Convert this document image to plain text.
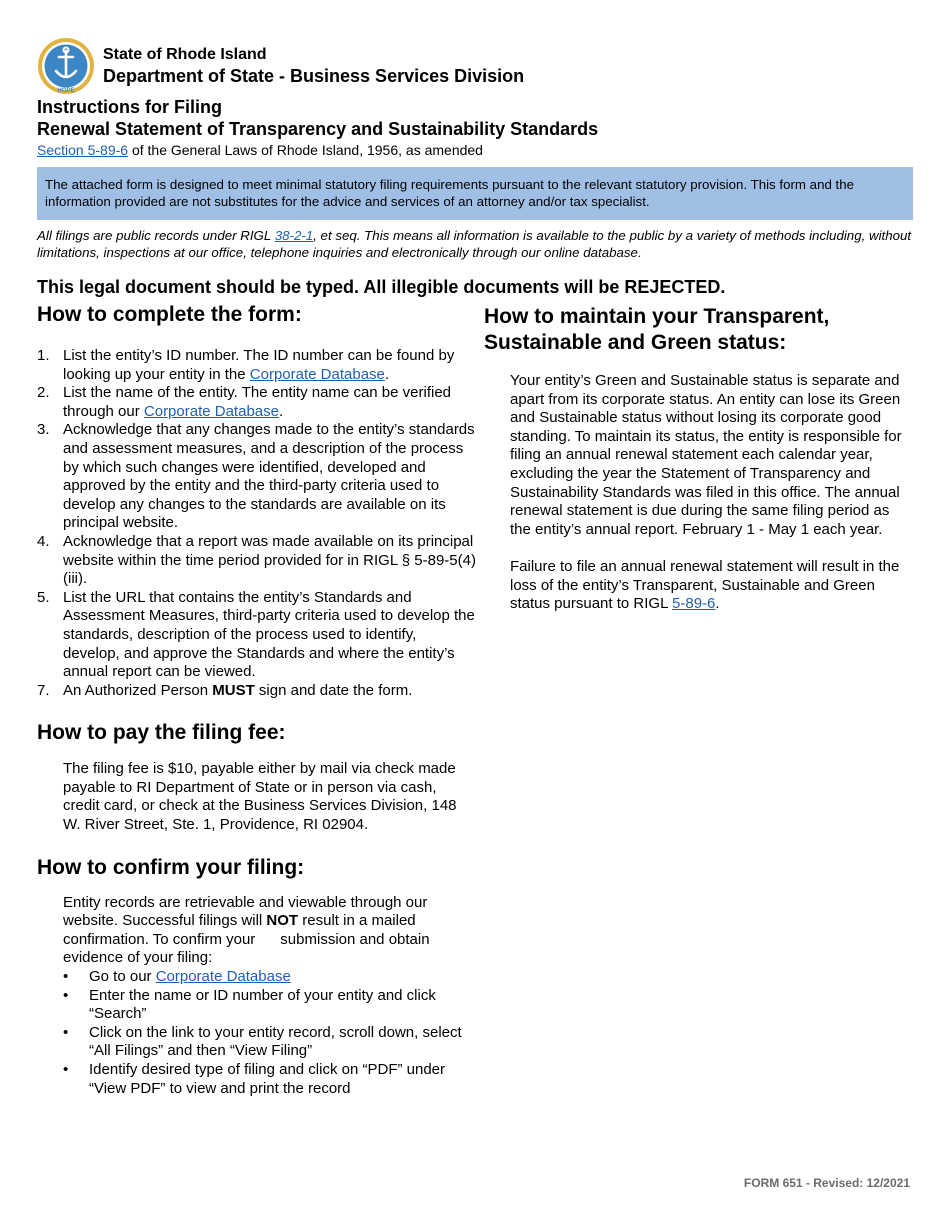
HOPE
State of Rhode Island
Department of State - Business Services Division
Instructions for Filing
Renewal Statement of Transparency and Sustainability Standards
Section 5-89-6 of the General Laws of Rhode Island, 1956, as amended
The attached form is designed to meet minimal statutory filing requirements pursuant to the relevant statutory provision. This form and the information provided are not substitutes for the advice and services of an attorney and/or tax specialist.
All filings are public records under RIGL 38-2-1, et seq. This means all information is available to the public by a variety of methods including, without limitations, inspections at our office, telephone inquiries and electronically through our online database.
This legal document should be typed. All illegible documents will be REJECTED.
How to complete the form:
1. List the entity’s ID number. The ID number can be found by looking up your entity in the Corporate Database.
2. List the name of the entity. The entity name can be verified through our Corporate Database.
3. Acknowledge that any changes made to the entity’s standards and assessment measures, and a description of the process by which such changes were identified, developed and approved by the entity and the third-party criteria used to develop any changes to the standards are available on its principal website.
4. Acknowledge that a report was made available on its principal website within the time period provided for in RIGL § 5-89-5(4)(iii).
5. List the URL that contains the entity’s Standards and Assessment Measures, third-party criteria used to develop the standards, description of the process used to identify, develop, and approve the Standards and where the entity’s annual report can be viewed.
7. An Authorized Person MUST sign and date the form.
How to pay the filing fee:
The filing fee is $10, payable either by mail via check made payable to RI Department of State or in person via cash, credit card, or check at the Business Services Division, 148 W. River Street, Ste. 1, Providence, RI 02904.
How to confirm your filing:
Entity records are retrievable and viewable through our website. Successful filings will NOT result in a mailed confirmation. To confirm your      submission and obtain evidence of your filing:
•	Go to our Corporate Database
•	Enter the name or ID number of your entity and click “Search”
•	Click on the link to your entity record, scroll down, select “All Filings” and then “View Filing”
•	Identify desired type of filing and click on “PDF” under “View PDF” to view and print the record
How to maintain your Transparent, Sustainable and Green status:
Your entity’s Green and Sustainable status is separate and apart from its corporate status. An entity can lose its Green and Sustainable status without losing its corporate good standing. To maintain its status, the entity is responsible for filing an annual renewal statement each calendar year, excluding the year the Statement of Transparency and Sustainability Standards was filed in this office. The annual renewal statement is due during the same filing period as the entity’s annual report. February 1 - May 1 each year.
Failure to file an annual renewal statement will result in the loss of the entity’s Transparent, Sustainable and Green status pursuant to RIGL 5-89-6.
FORM 651 - Revised: 12/2021
